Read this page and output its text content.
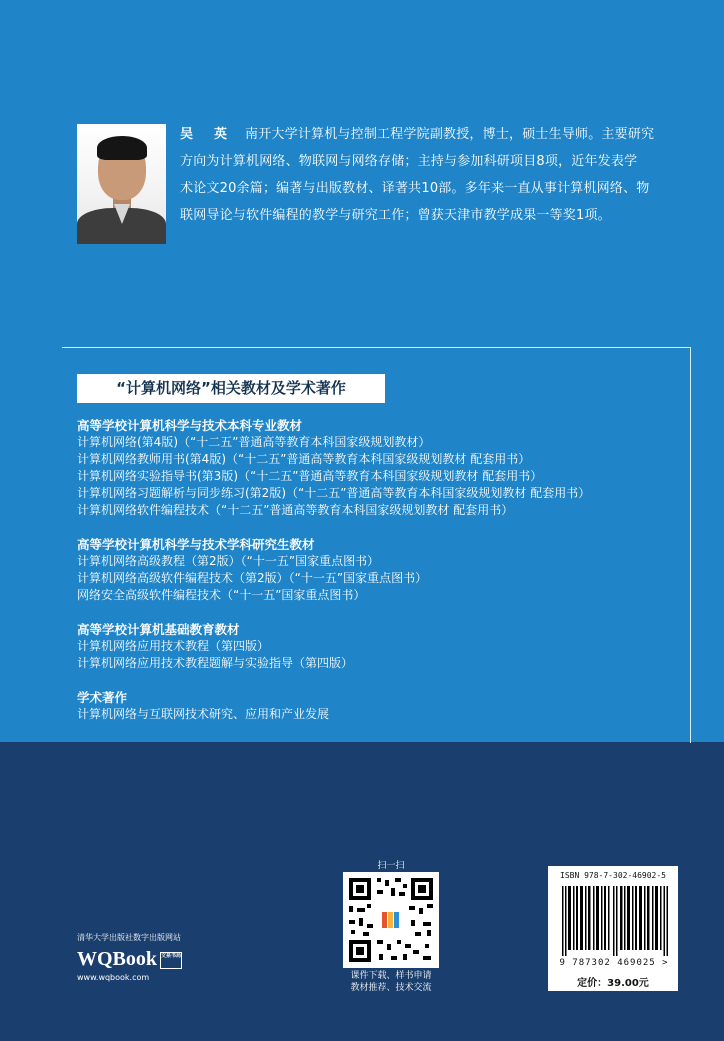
吴　英 南开大学计算机与控制工程学院副教授，博士，硕士生导师。主要研究
方向为计算机网络、物联网与网络存储；主持与参加科研项目8项，近年发表学
术论文20余篇；编著与出版教材、译著共10部。多年来一直从事计算机网络、物
联网导论与软件编程的教学与研究工作；曾获天津市教学成果一等奖1项。
“计算机网络”相关教材及学术著作
高等学校计算机科学与技术本科专业教材
计算机网络(第4版)（“十二五”普通高等教育本科国家级规划教材）
计算机网络教师用书(第4版)（“十二五”普通高等教育本科国家级规划教材 配套用书）
计算机网络实验指导书(第3版)（“十二五”普通高等教育本科国家级规划教材 配套用书）
计算机网络习题解析与同步练习(第2版)（“十二五”普通高等教育本科国家级规划教材 配套用书）
计算机网络软件编程技术（“十二五”普通高等教育本科国家级规划教材 配套用书）
高等学校计算机科学与技术学科研究生教材
计算机网络高级教程（第2版）（“十一五”国家重点图书）
计算机网络高级软件编程技术（第2版）（“十一五”国家重点图书）
网络安全高级软件编程技术（“十一五”国家重点图书）
高等学校计算机基础教育教材
计算机网络应用技术教程（第四版）
计算机网络应用技术教程题解与实验指导（第四版）
学术著作
计算机网络与互联网技术研究、应用和产业发展
清华大学出版社数字出版网站
WQBook 文泉书局
www.wqbook.com
扫一扫
课件下载、样书申请
教材推荐、技术交流
ISBN 978-7-302-46902-5
9 787302 469025 >
定价：39.00元
